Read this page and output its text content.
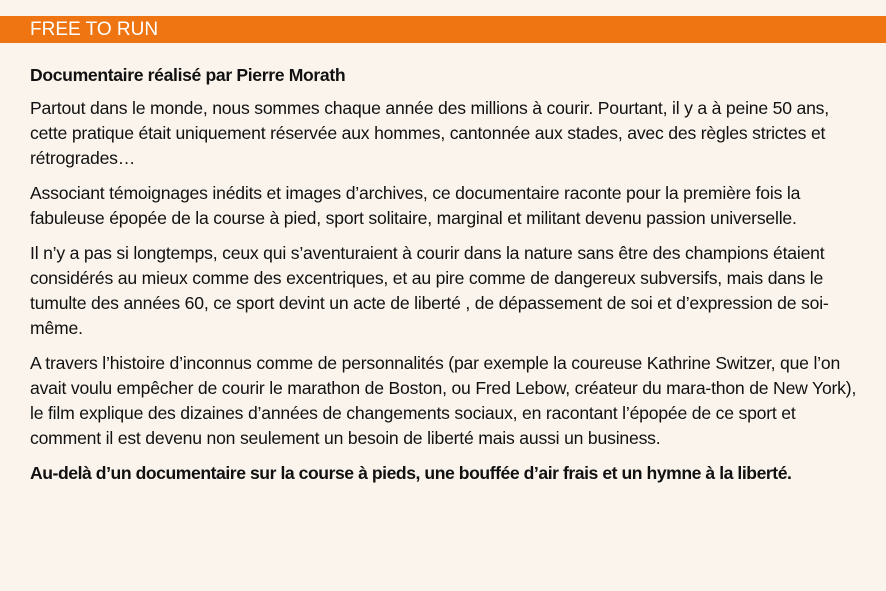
FREE TO RUN

Documentaire réalisé par Pierre Morath

Partout dans le monde, nous sommes chaque année des millions à courir. Pourtant, il y a à peine 50 ans, cette pratique était uniquement réservée aux hommes, cantonnée aux stades, avec des règles strictes et rétrogrades…

Associant témoignages inédits et images d’archives, ce documentaire raconte pour la première fois la fabuleuse épopée de la course à pied, sport solitaire, marginal et militant devenu passion universelle.

Il n’y a pas si longtemps, ceux qui s’aventuraient à courir dans la nature sans être des champions étaient considérés au mieux comme des excentriques, et au pire comme de dangereux subversifs, mais dans le tumulte des années 60, ce sport devint un acte de liberté , de dépassement de soi et d’expression de soi-même.

A travers l’histoire d’inconnus comme de personnalités (par exemple la coureuse Kathrine Switzer, que l’on avait voulu empêcher de courir le marathon de Boston, ou Fred Lebow, créateur du mara-thon de New York), le film explique des dizaines d’années de changements sociaux, en racontant l’épopée de ce sport et comment il est devenu non seulement un besoin de liberté mais aussi un business.

Au-delà d’un documentaire sur la course à pieds, une bouffée d’air frais et un hymne à la liberté.
